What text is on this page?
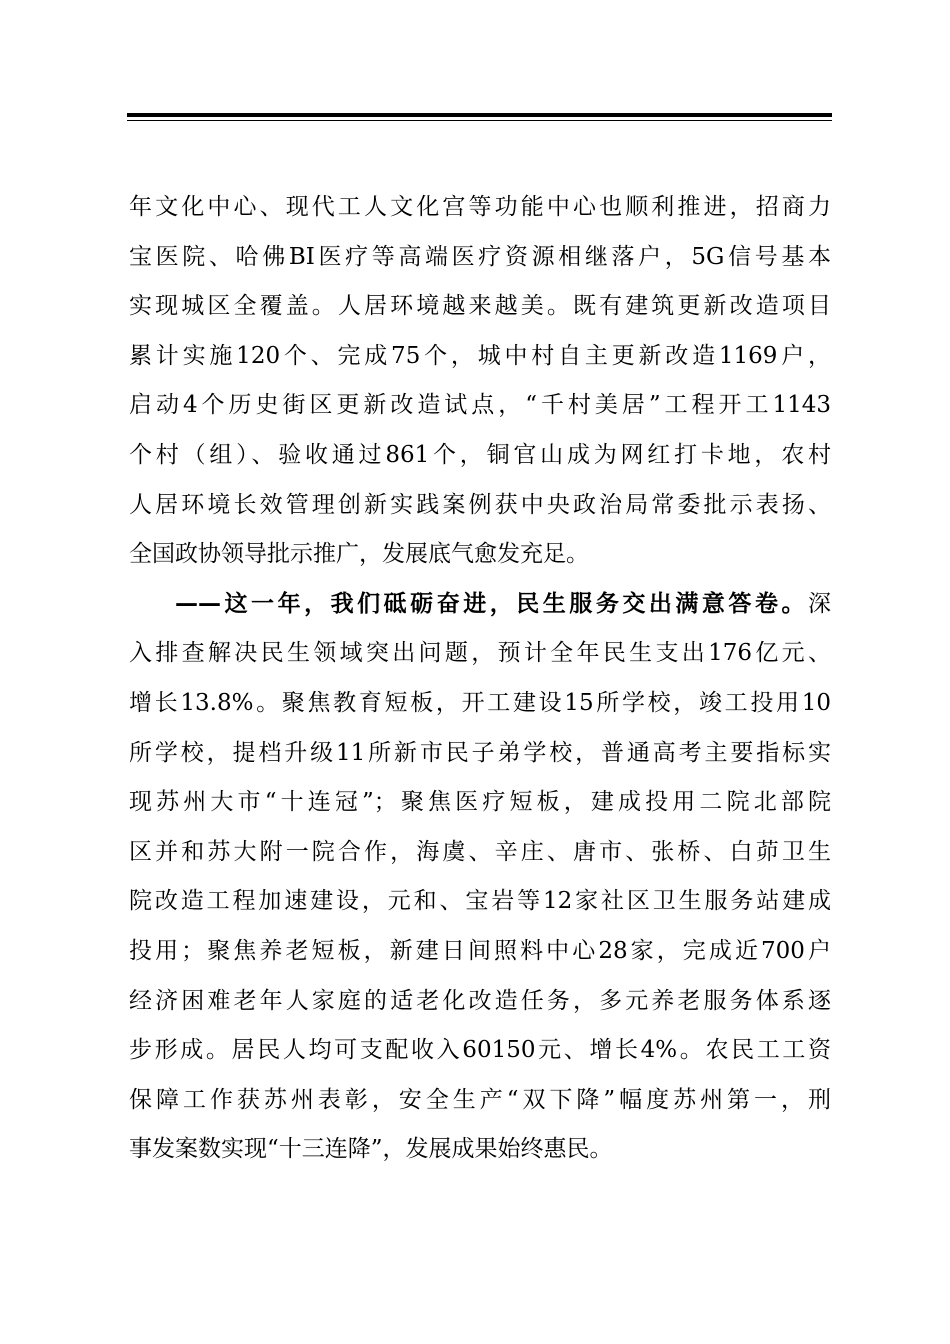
年文化中心、现代工人文化宫等功能中心也顺利推进，招商力
宝医院、哈佛BI医疗等高端医疗资源相继落户，5G信号基本
实现城区全覆盖。人居环境越来越美。既有建筑更新改造项目
累计实施120个、完成75个，城中村自主更新改造1169户，
启动4个历史街区更新改造试点，“千村美居”工程开工1143
个村（组）、验收通过861个，铜官山成为网红打卡地，农村
人居环境长效管理创新实践案例获中央政治局常委批示表扬、
全国政协领导批示推广，发展底气愈发充足。
——这一年，我们砥砺奋进，民生服务交出满意答卷。深
入排查解决民生领域突出问题，预计全年民生支出176亿元、
增长13.8%。聚焦教育短板，开工建设15所学校，竣工投用10
所学校，提档升级11所新市民子弟学校，普通高考主要指标实
现苏州大市“十连冠”；聚焦医疗短板，建成投用二院北部院
区并和苏大附一院合作，海虞、辛庄、唐市、张桥、白茆卫生
院改造工程加速建设，元和、宝岩等12家社区卫生服务站建成
投用；聚焦养老短板，新建日间照料中心28家，完成近700户
经济困难老年人家庭的适老化改造任务，多元养老服务体系逐
步形成。居民人均可支配收入60150元、增长4%。农民工工资
保障工作获苏州表彰，安全生产“双下降”幅度苏州第一，刑
事发案数实现“十三连降”，发展成果始终惠民。
